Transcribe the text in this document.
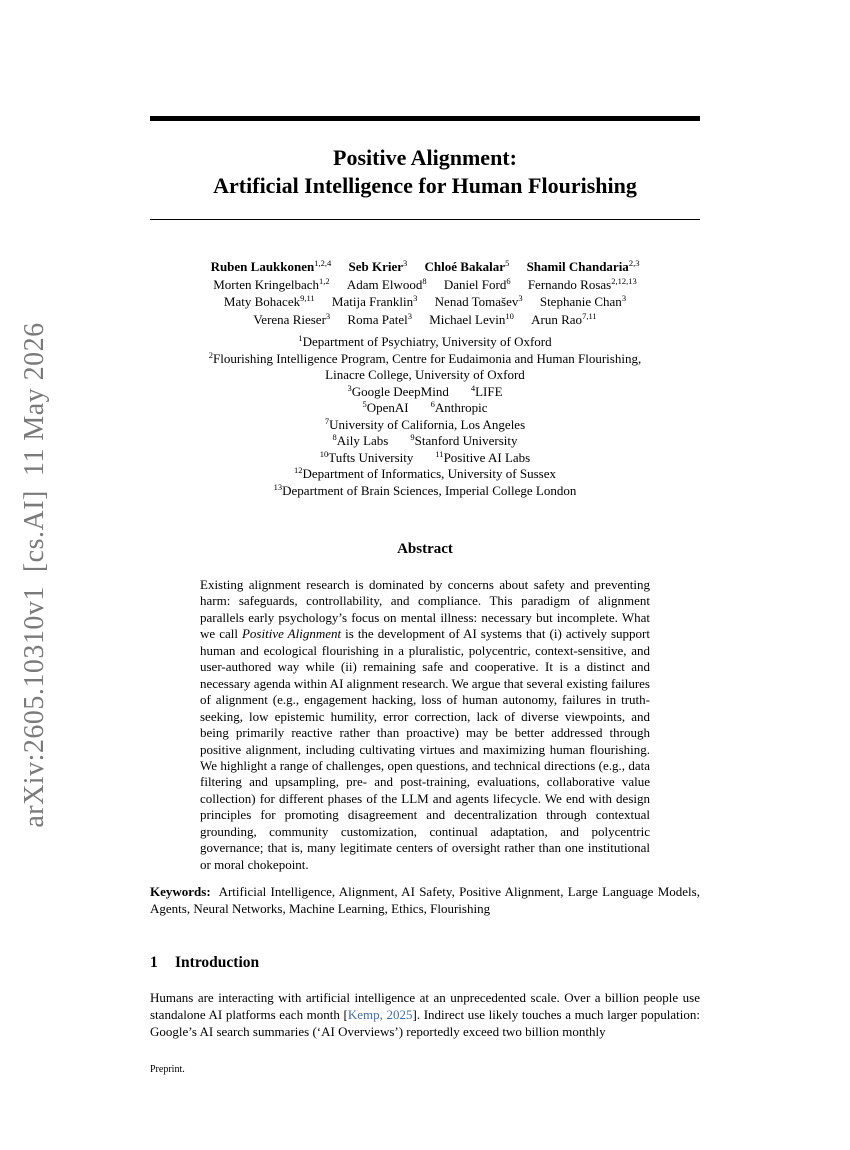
arXiv:2605.10310v1[cs.AI]11 May 2026
Positive Alignment:
Artificial Intelligence for Human Flourishing
Ruben Laukkonen$^{1,2,4}$ Seb Krier$^3$ Chloé Bakalar$^5$ Shamil Chandaria$^{2,3}$
Morten Kringelbach$^{1,2}$ Adam Elwood$^8$ Daniel Ford$^6$ Fernando Rosas$^{2,12,13}$
Maty Bohacek$^{9,11}$ Matija Franklin$^3$ Nenad Tomašev$^3$ Stephanie Chan$^3$
Verena Rieser$^3$ Roma Patel$^3$ Michael Levin$^{10}$ Arun Rao$^{7,11}$
$^1$Department of Psychiatry, University of Oxford
$^2$Flourishing Intelligence Program, Centre for Eudaimonia and Human Flourishing,
Linacre College, University of Oxford
$^3$Google DeepMind	$^4$LIFE
$^5$OpenAI	$^6$Anthropic
$^7$University of California, Los Angeles
$^8$Aily Labs	$^9$Stanford University
$^{10}$Tufts University	$^{11}$Positive AI Labs
$^{12}$Department of Informatics, University of Sussex
$^{13}$Department of Brain Sciences, Imperial College London
Abstract
Existing alignment research is dominated by concerns about safety and preventing harm: safeguards, controllability, and compliance. This paradigm of alignment parallels early psychology’s focus on mental illness: necessary but incomplete. What we call Positive Alignment is the development of AI systems that (i) actively support human and ecological flourishing in a pluralistic, polycentric, context-sensitive, and user-authored way while (ii) remaining safe and cooperative. It is a distinct and necessary agenda within AI alignment research. We argue that several existing failures of alignment (e.g., engagement hacking, loss of human autonomy, failures in truth-seeking, low epistemic humility, error correction, lack of diverse viewpoints, and being primarily reactive rather than proactive) may be better addressed through positive alignment, including cultivating virtues and maximizing human flourishing. We highlight a range of challenges, open questions, and technical directions (e.g., data filtering and upsampling, pre- and post-training, evaluations, collaborative value collection) for different phases of the LLM and agents lifecycle. We end with design principles for promoting disagreement and decentralization through contextual grounding, community customization, continual adaptation, and polycentric governance; that is, many legitimate centers of oversight rather than one institutional or moral chokepoint.
Keywords: Artificial Intelligence, Alignment, AI Safety, Positive Alignment, Large Language Models, Agents, Neural Networks, Machine Learning, Ethics, Flourishing
1 Introduction
Humans are interacting with artificial intelligence at an unprecedented scale. Over a billion people use standalone AI platforms each month [Kemp, 2025]. Indirect use likely touches a much larger population: Google’s AI search summaries (‘AI Overviews’) reportedly exceed two billion monthly
Preprint.
